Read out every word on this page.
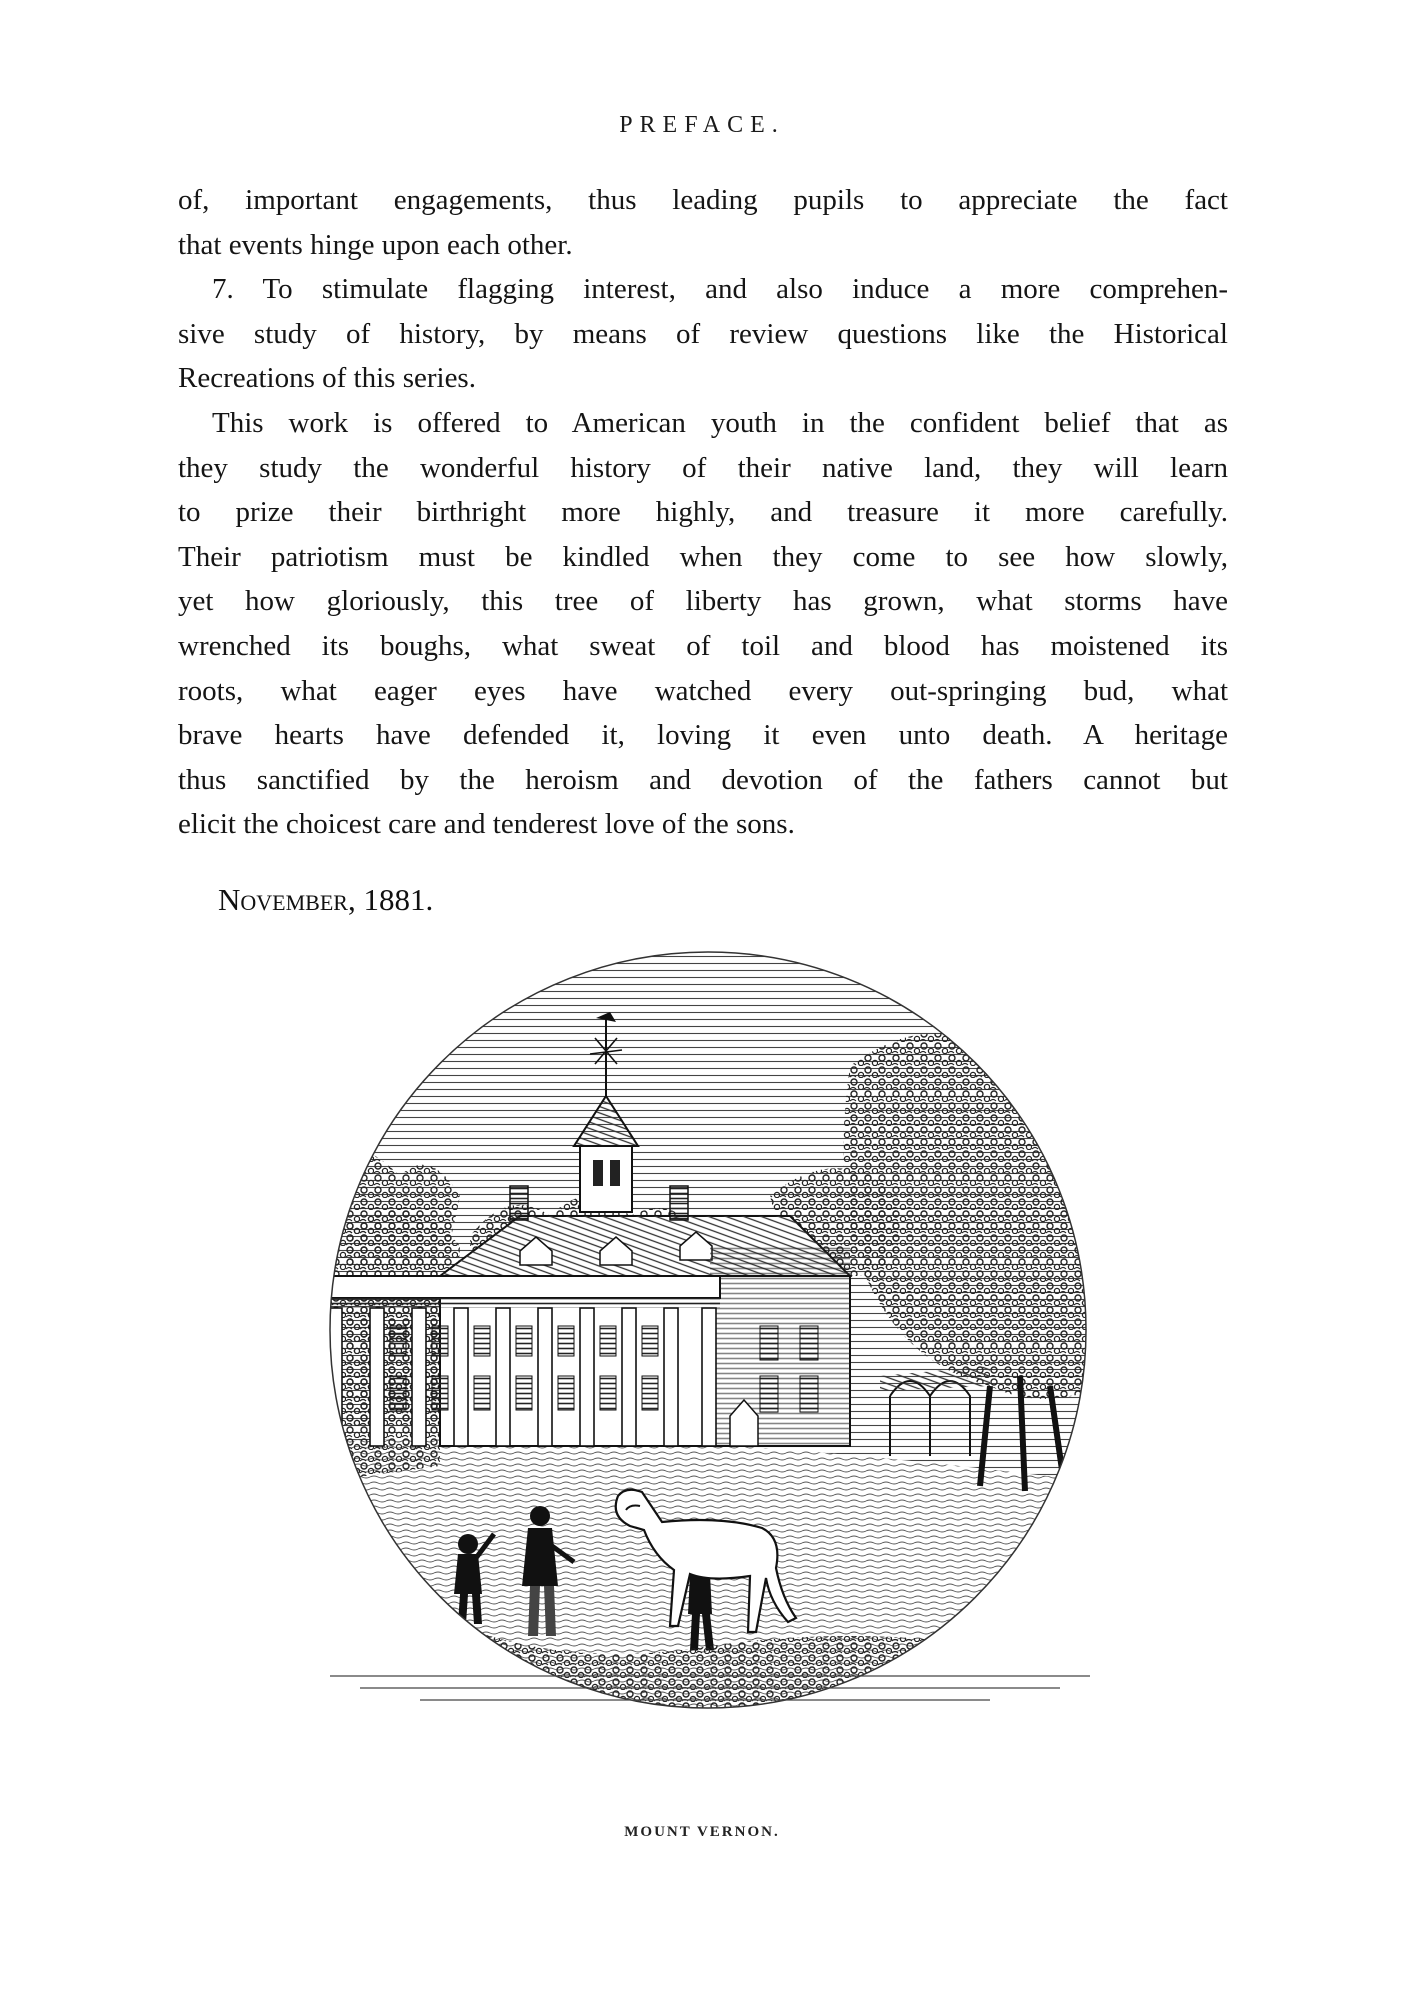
PREFACE.

of, important engagements, thus leading pupils to appreciate the fact
that events hinge upon each other.

7. To stimulate flagging interest, and also induce a more comprehen-
sive study of history, by means of review questions like the Historical
Recreations of this series.

This work is offered to American youth in the confident belief that as
they study the wonderful history of their native land, they will learn
to prize their birthright more highly, and treasure it more carefully.
Their patriotism must be kindled when they come to see how slowly,
yet how gloriously, this tree of liberty has grown, what storms have
wrenched its boughs, what sweat of toil and blood has moistened its
roots, what eager eyes have watched every out-springing bud, what
brave hearts have defended it, loving it even unto death. A heritage
thus sanctified by the heroism and devotion of the fathers cannot but
elicit the choicest care and tenderest love of the sons.

November, 1881.
MOUNT VERNON.
